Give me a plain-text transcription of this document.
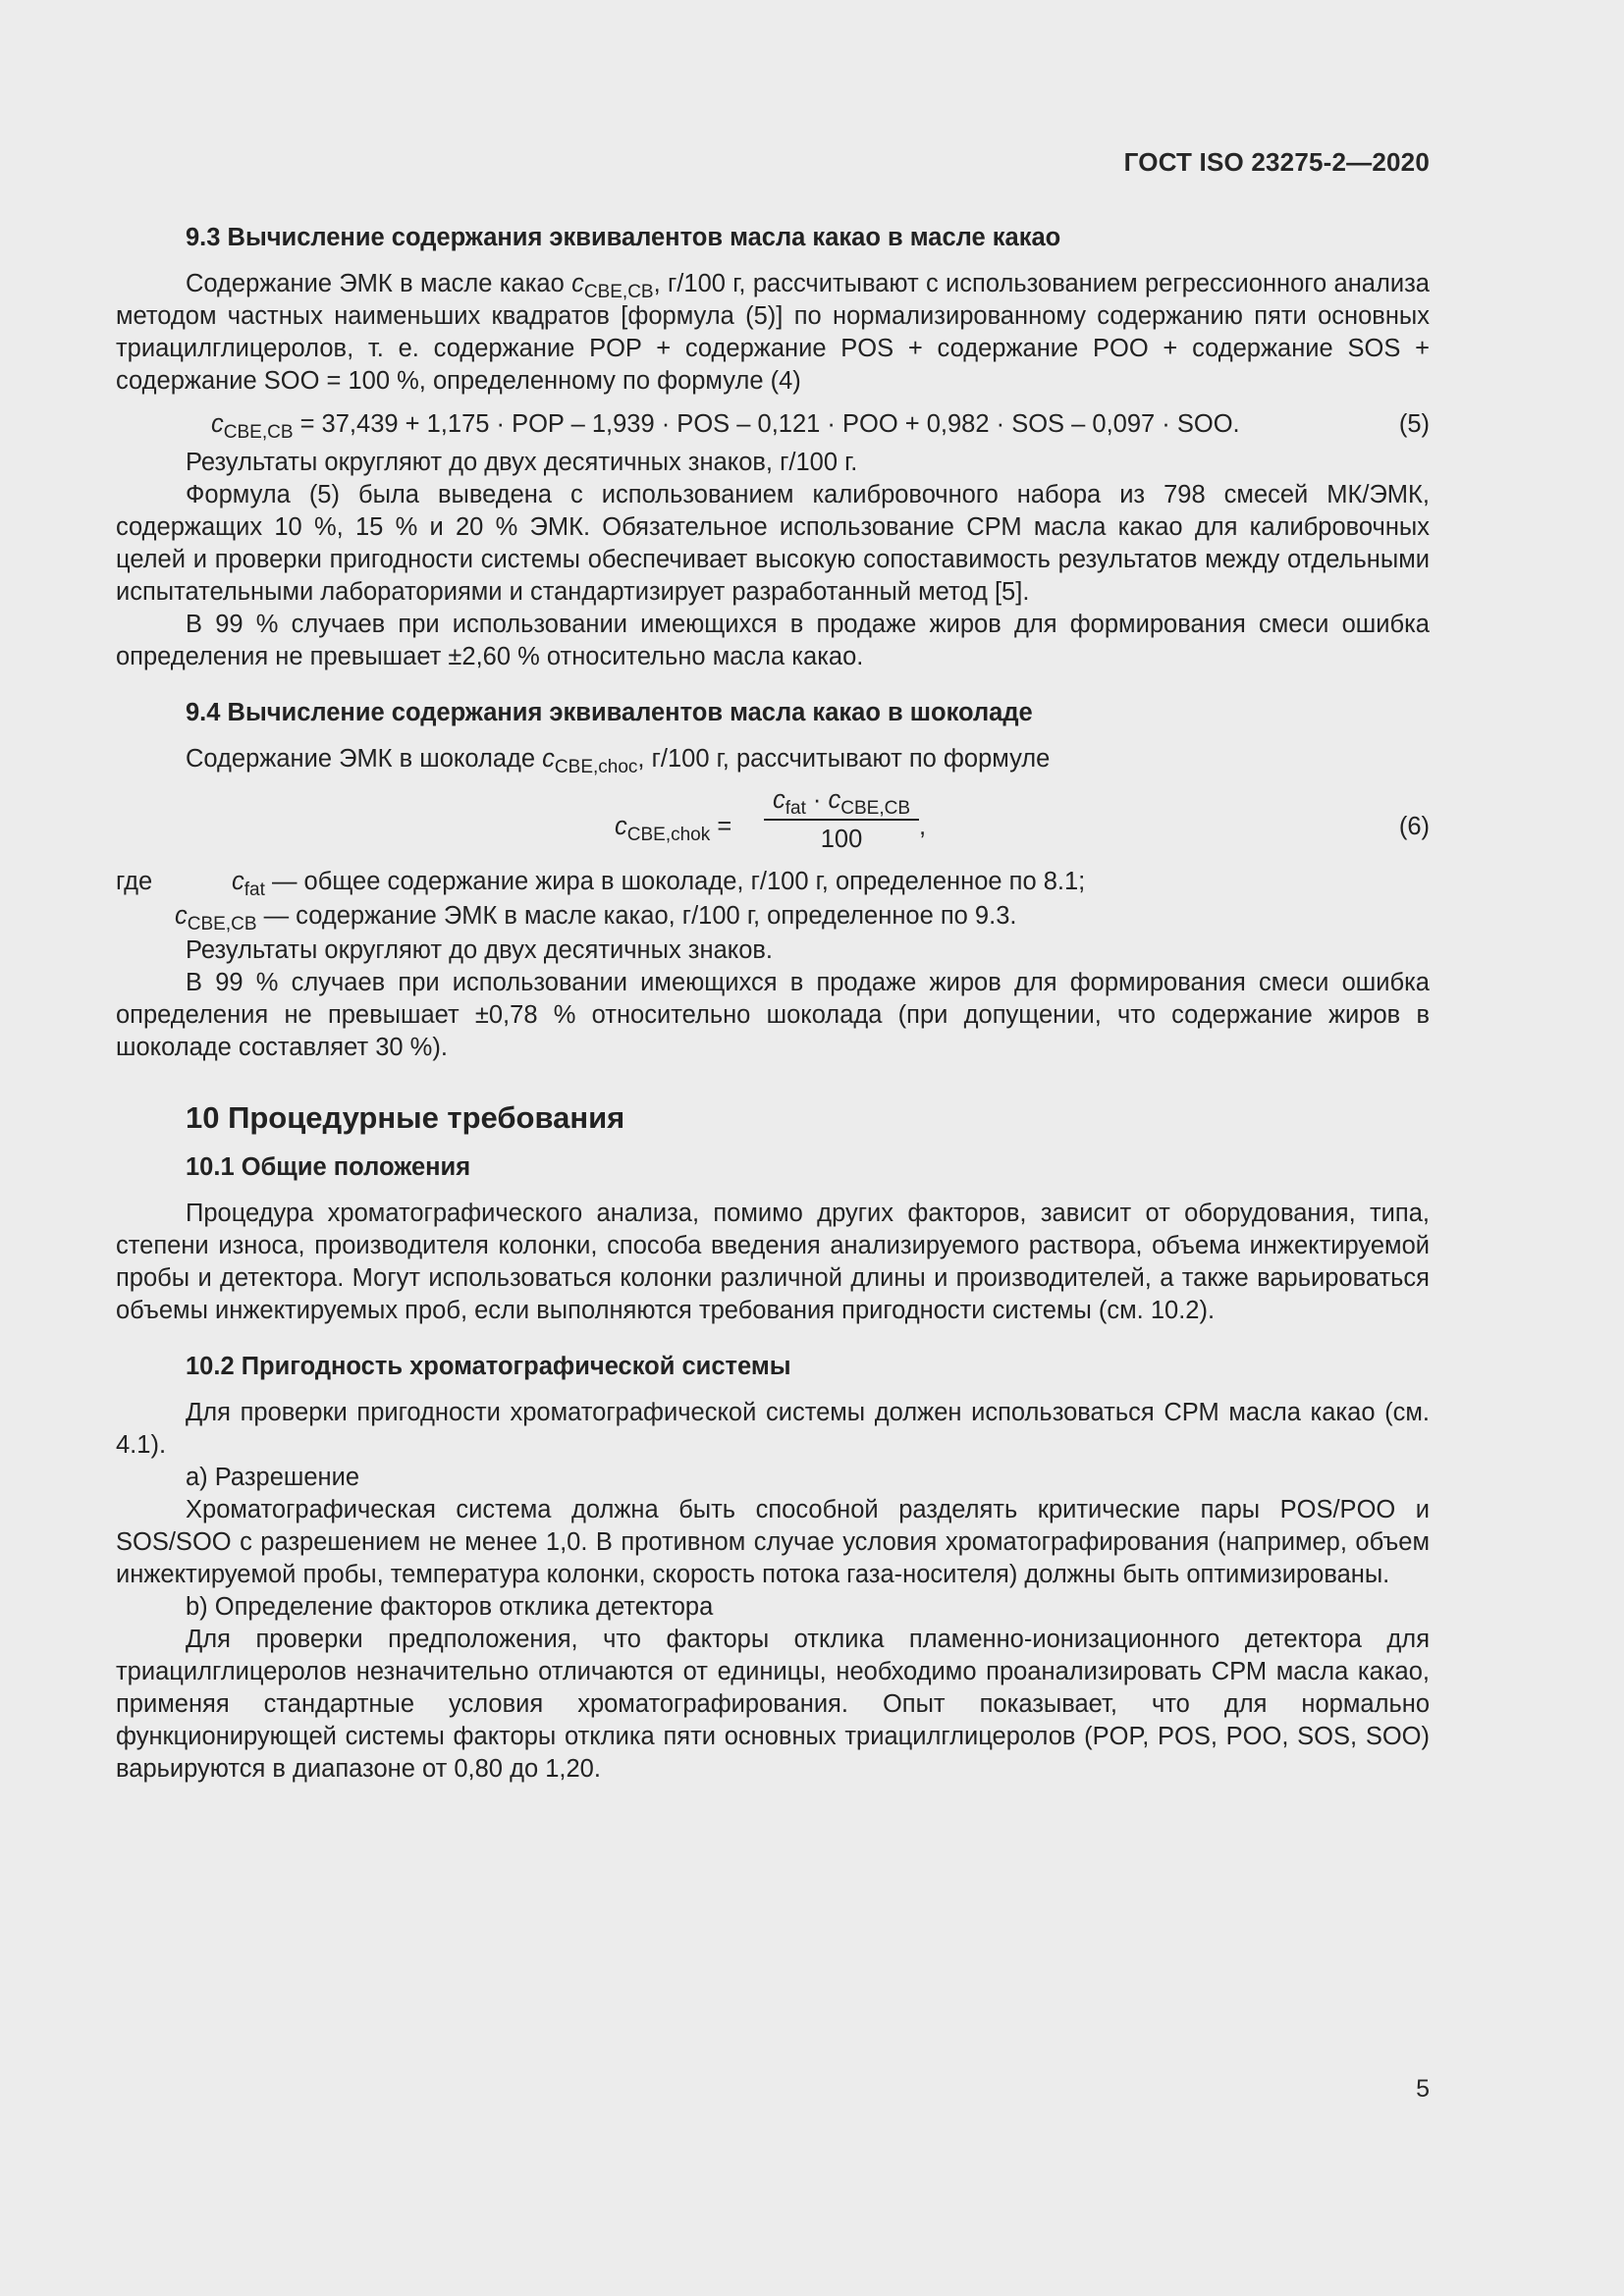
ГОСТ ISO 23275-2—2020
9.3 Вычисление содержания эквивалентов масла какао в масле какао

Содержание ЭМК в масле какао $c_{CBE,CB}$, г/100 г, рассчитывают с использованием регрессионного анализа методом частных наименьших квадратов [формула (5)] по нормализированному содержанию пяти основных триацилглицеролов, т. е. содержание POP + содержание POS + содержание POO + содержание SOS + содержание SOO = 100 %, определенному по формуле (4)

$c_{CBE,CB} = 37,439 + 1,175$ · POP – 1,939 · POS – 0,121 · POO + 0,982 · SOS – 0,097 · SOO.	(5)

Результаты округляют до двух десятичных знаков, г/100 г.

Формула (5) была выведена с использованием калибровочного набора из 798 смесей МК/ЭМК, содержащих 10 %, 15 % и 20 % ЭМК. Обязательное использование СРМ масла какао для калибровочных целей и проверки пригодности системы обеспечивает высокую сопоставимость результатов между отдельными испытательными лабораториями и стандартизирует разработанный метод [5].

В 99 % случаев при использовании имеющихся в продаже жиров для формирования смеси ошибка определения не превышает ±2,60 % относительно масла какао.

9.4 Вычисление содержания эквивалентов масла какао в шоколаде

Содержание ЭМК в шоколаде $c_{CBE,choc}$, г/100 г, рассчитывают по формуле

$c_{CBE,chok}$ =
$c_{fat} \cdot c_{CBE,CB}$
100	,	(6)
где	$c_{fat}$ — общее содержание жира в шоколаде, г/100 г, определенное по 8.1;
$c_{CBE,CB}$ — содержание ЭМК в масле какао, г/100 г, определенное по 9.3.

Результаты округляют до двух десятичных знаков.

В 99 % случаев при использовании имеющихся в продаже жиров для формирования смеси ошибка определения не превышает ±0,78 % относительно шоколада (при допущении, что содержание жиров в шоколаде составляет 30 %).

10 Процедурные требования
10.1 Общие положения

Процедура хроматографического анализа, помимо других факторов, зависит от оборудования, типа, степени износа, производителя колонки, способа введения анализируемого раствора, объема инжектируемой пробы и детектора. Могут использоваться колонки различной длины и производителей, а также варьироваться объемы инжектируемых проб, если выполняются требования пригодности системы (см. 10.2).

10.2 Пригодность хроматографической системы

Для проверки пригодности хроматографической системы должен использоваться СРМ масла какао (см. 4.1).

a) Разрешение

Хроматографическая система должна быть способной разделять критические пары POS/POO и SOS/SOO с разрешением не менее 1,0. В противном случае условия хроматографирования (например, объем инжектируемой пробы, температура колонки, скорость потока газа-носителя) должны быть оптимизированы.

b) Определение факторов отклика детектора

Для проверки предположения, что факторы отклика пламенно-ионизационного детектора для триацилглицеролов незначительно отличаются от единицы, необходимо проанализировать СРМ масла какао, применяя стандартные условия хроматографирования. Опыт показывает, что для нормально функционирующей системы факторы отклика пяти основных триацилглицеролов (POP, POS, POO, SOS, SOO) варьируются в диапазоне от 0,80 до 1,20.

5
